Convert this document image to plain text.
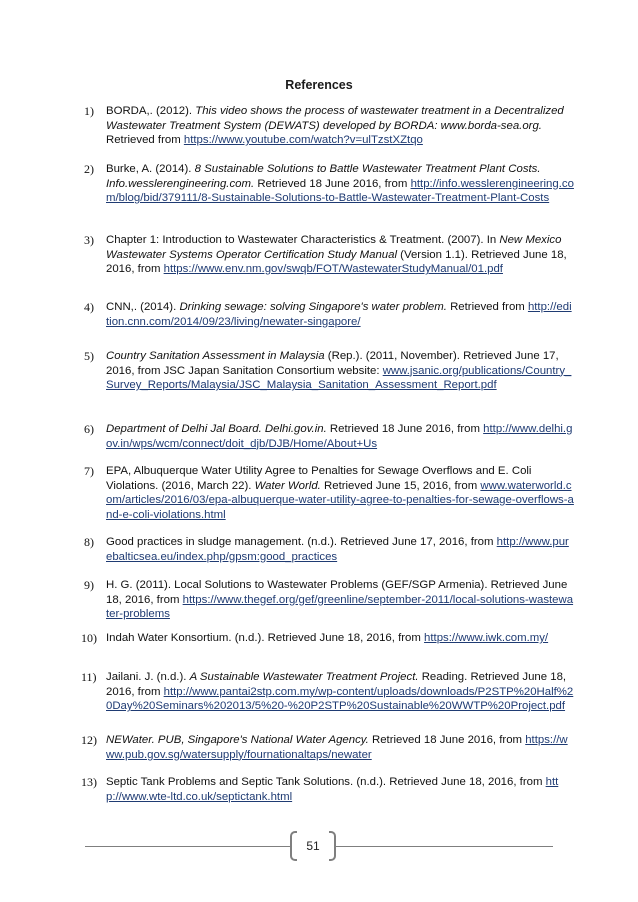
References
1) BORDA,. (2012). This video shows the process of wastewater treatment in a Decentralized Wastewater Treatment System (DEWATS) developed by BORDA: www.borda-sea.org. Retrieved from https://www.youtube.com/watch?v=ulTzstXZtqo
2) Burke, A. (2014). 8 Sustainable Solutions to Battle Wastewater Treatment Plant Costs. Info.wesslerengineering.com. Retrieved 18 June 2016, from http://info.wesslerengineering.com/blog/bid/379111/8-Sustainable-Solutions-to-Battle-Wastewater-Treatment-Plant-Costs
3) Chapter 1: Introduction to Wastewater Characteristics & Treatment. (2007). In New Mexico Wastewater Systems Operator Certification Study Manual (Version 1.1). Retrieved June 18, 2016, from https://www.env.nm.gov/swqb/FOT/WastewaterStudyManual/01.pdf
4) CNN,. (2014). Drinking sewage: solving Singapore's water problem. Retrieved from http://edition.cnn.com/2014/09/23/living/newater-singapore/
5) Country Sanitation Assessment in Malaysia (Rep.). (2011, November). Retrieved June 17, 2016, from JSC Japan Sanitation Consortium website: www.jsanic.org/publications/Country_Survey_Reports/Malaysia/JSC_Malaysia_Sanitation_Assessment_Report.pdf
6) Department of Delhi Jal Board. Delhi.gov.in. Retrieved 18 June 2016, from http://www.delhi.gov.in/wps/wcm/connect/doit_djb/DJB/Home/About+Us
7) EPA, Albuquerque Water Utility Agree to Penalties for Sewage Overflows and E. Coli Violations. (2016, March 22). Water World. Retrieved June 15, 2016, from www.waterworld.com/articles/2016/03/epa-albuquerque-water-utility-agree-to-penalties-for-sewage-overflows-and-e-coli-violations.html
8) Good practices in sludge management. (n.d.). Retrieved June 17, 2016, from http://www.purebalticsea.eu/index.php/gpsm:good_practices
9) H. G. (2011). Local Solutions to Wastewater Problems (GEF/SGP Armenia). Retrieved June 18, 2016, from https://www.thegef.org/gef/greenline/september-2011/local-solutions-wastewater-problems
10) Indah Water Konsortium. (n.d.). Retrieved June 18, 2016, from https://www.iwk.com.my/
11) Jailani. J. (n.d.). A Sustainable Wastewater Treatment Project. Reading. Retrieved June 18, 2016, from http://www.pantai2stp.com.my/wp-content/uploads/downloads/P2STP%20Half%20Day%20Seminars%202013/5%20-%20P2STP%20Sustainable%20WWTP%20Project.pdf
12) NEWater. PUB, Singapore's National Water Agency. Retrieved 18 June 2016, from https://www.pub.gov.sg/watersupply/fournationaltaps/newater
13) Septic Tank Problems and Septic Tank Solutions. (n.d.). Retrieved June 18, 2016, from http://www.wte-ltd.co.uk/septictank.html
51
